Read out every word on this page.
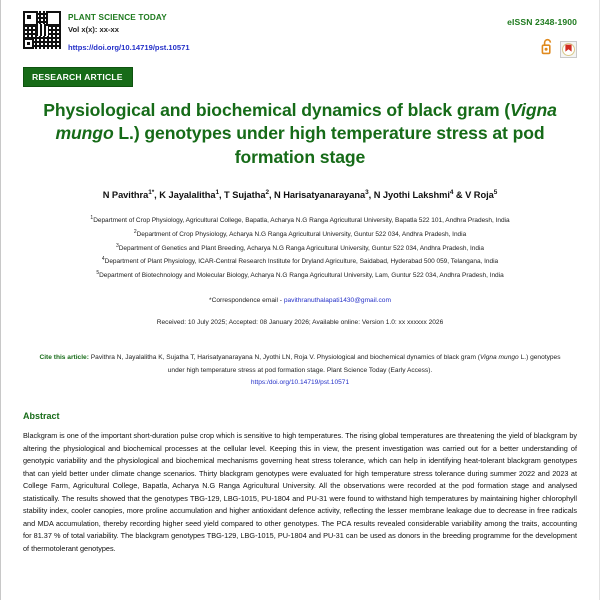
PLANT SCIENCE TODAY
Vol x(x): xx-xx
https://doi.org/10.14719/pst.10571
eISSN 2348-1900
RESEARCH ARTICLE
Physiological and biochemical dynamics of black gram (Vigna mungo L.) genotypes under high temperature stress at pod formation stage
N Pavithra$^{1*}$, K Jayalalitha$^1$, T Sujatha$^2$, N Harisatyanarayana$^3$, N Jyothi Lakshmi$^4$ & V Roja$^5$
$^1$Department of Crop Physiology, Agricultural College, Bapatla, Acharya N.G Ranga Agricultural University, Bapatla 522 101, Andhra Pradesh, India
$^2$Department of Crop Physiology, Acharya N.G Ranga Agricultural University, Guntur 522 034, Andhra Pradesh, India
$^3$Department of Genetics and Plant Breeding, Acharya N.G Ranga Agricultural University, Guntur 522 034, Andhra Pradesh, India
$^4$Department of Plant Physiology, ICAR-Central Research Institute for Dryland Agriculture, Saidabad, Hyderabad 500 059, Telangana, India
$^5$Department of Biotechnology and Molecular Biology, Acharya N.G Ranga Agricultural University, Lam, Guntur 522 034, Andhra Pradesh, India
*Correspondence email - pavithranuthalapati1430@gmail.com
Received: 10 July 2025; Accepted: 08 January 2026; Available online: Version 1.0: xx xxxxxx 2026
Cite this article: Pavithra N, Jayalalitha K, Sujatha T, Harisatyanarayana N, Jyothi LN, Roja V. Physiological and biochemical dynamics of black gram (Vigna mungo L.) genotypes under high temperature stress at pod formation stage. Plant Science Today (Early Access).
https:/doi.org/10.14719/pst.10571
Abstract
Blackgram is one of the important short-duration pulse crop which is sensitive to high temperatures. The rising global temperatures are threatening the yield of blackgram by altering the physiological and biochemical processes at the cellular level. Keeping this in view, the present investigation was carried out for a better understanding of genotypic variability and the physiological and biochemical mechanisms governing heat stress tolerance, which can help in identifying heat-tolerant blackgram genotypes that can yield better under climate change scenarios. Thirty blackgram genotypes were evaluated for high temperature stress tolerance during summer 2022 and 2023 at College Farm, Agricultural College, Bapatla, Acharya N.G Ranga Agricultural University. All the observations were recorded at the pod formation stage and analysed statistically. The results showed that the genotypes TBG-129, LBG-1015, PU-1804 and PU-31 were found to withstand high temperatures by maintaining higher chlorophyll stability index, cooler canopies, more proline accumulation and higher antioxidant defence activity, reflecting the lesser membrane leakage due to decrease in free radicals and MDA accumulation, thereby recording higher seed yield compared to other genotypes. The PCA results revealed considerable variability among the traits, accounting for 81.37 % of total variability. The blackgram genotypes TBG-129, LBG-1015, PU-1804 and PU-31 can be used as donors in the breeding programme for the development of thermotolerant genotypes.
